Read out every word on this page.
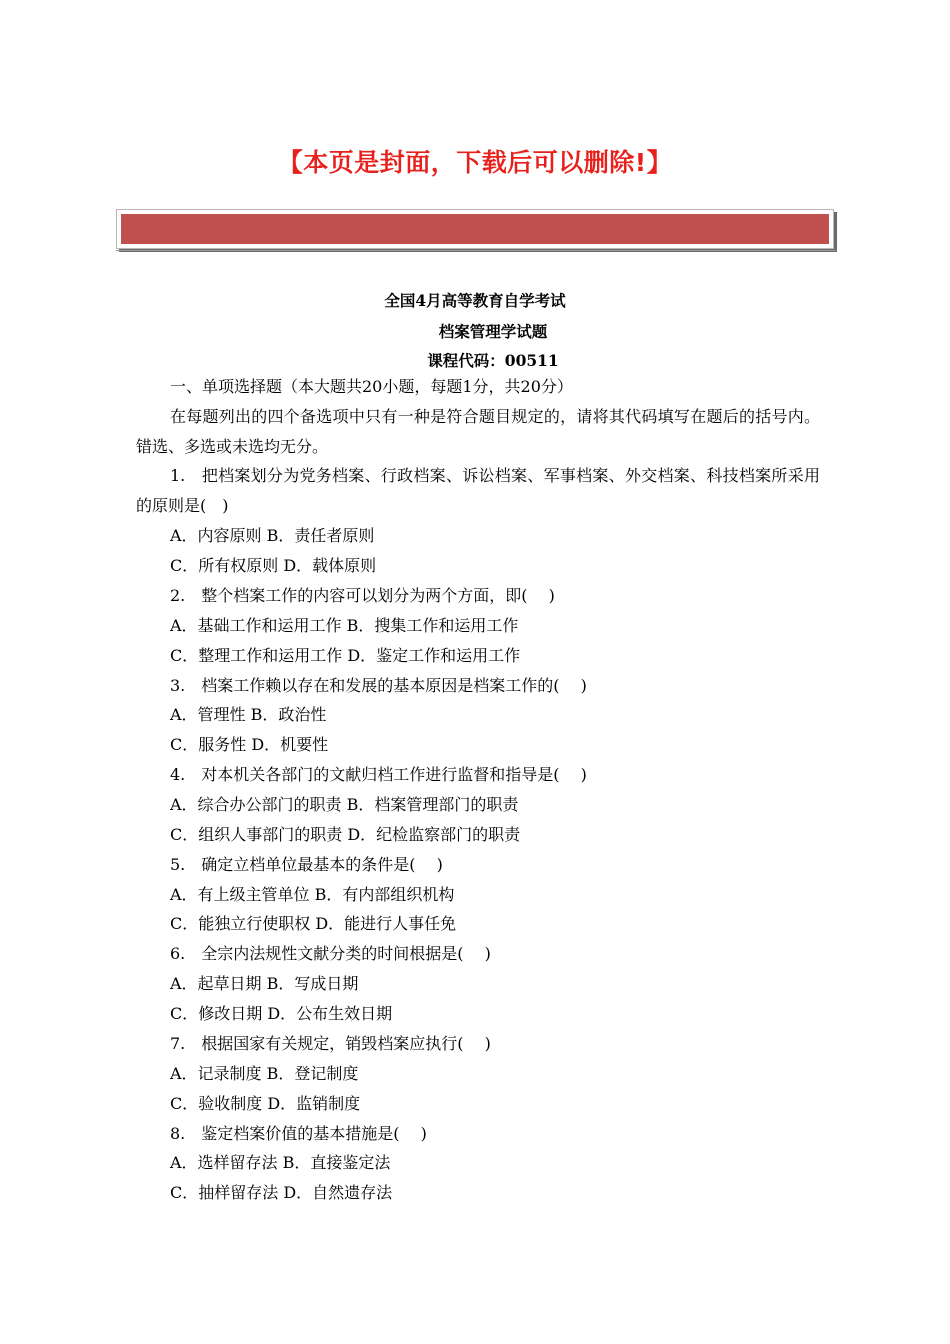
【本页是封面，下载后可以删除!】
全国4月高等教育自学考试
档案管理学试题
课程代码：00511
一、单项选择题（本大题共20小题，每题1分，共20分）
在每题列出的四个备选项中只有一种是符合题目规定的，请将其代码填写在题后的括号内。错选、多选或未选均无分。
1.　把档案划分为党务档案、行政档案、诉讼档案、军事档案、外交档案、科技档案所采用的原则是(　)
A．内容原则 B．责任者原则
C．所有权原则 D．载体原则
2.　整个档案工作的内容可以划分为两个方面，即(　 )
A．基础工作和运用工作 B．搜集工作和运用工作
C．整理工作和运用工作 D．鉴定工作和运用工作
3.　档案工作赖以存在和发展的基本原因是档案工作的(　 )
A．管理性 B．政治性
C．服务性 D．机要性
4.　对本机关各部门的文献归档工作进行监督和指导是(　 )
A．综合办公部门的职责 B．档案管理部门的职责
C．组织人事部门的职责 D．纪检监察部门的职责
5.　确定立档单位最基本的条件是(　 )
A．有上级主管单位 B．有内部组织机构
C．能独立行使职权 D．能进行人事任免
6.　全宗内法规性文献分类的时间根据是(　 )
A．起草日期 B．写成日期
C．修改日期 D．公布生效日期
7.　根据国家有关规定，销毁档案应执行(　 )
A．记录制度 B．登记制度
C．验收制度 D．监销制度
8.　鉴定档案价值的基本措施是(　 )
A．选样留存法 B．直接鉴定法
C．抽样留存法 D．自然遗存法
